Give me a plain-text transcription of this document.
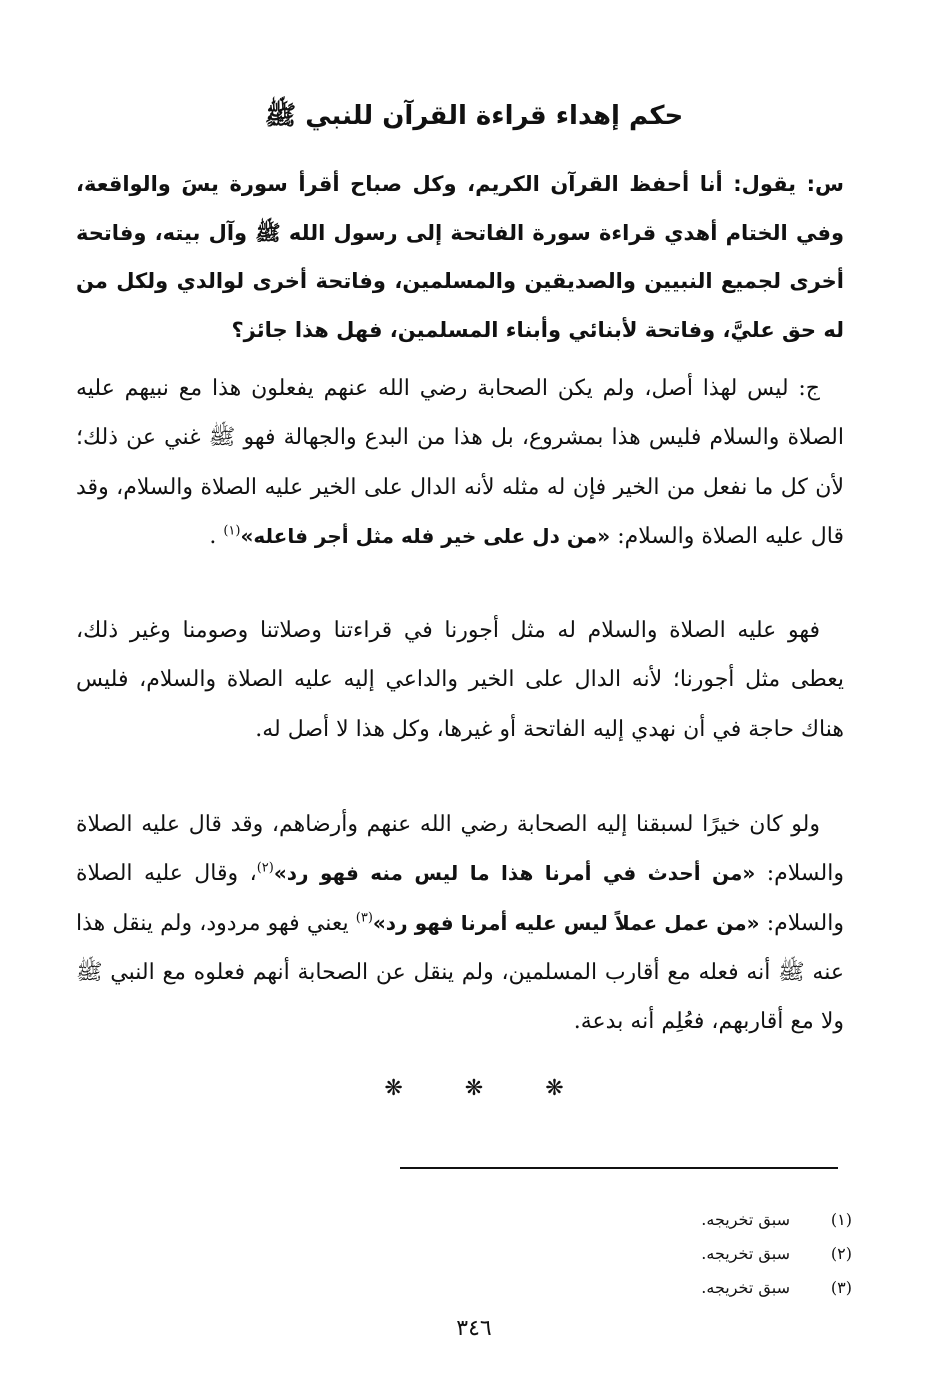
حكم إهداء قراءة القرآن للنبي ﷺ
س: يقول: أنا أحفظ القرآن الكريم، وكل صباح أقرأ سورة يسَ والواقعة، وفي الختام أهدي قراءة سورة الفاتحة إلى رسول الله ﷺ وآل بيته، وفاتحة أخرى لجميع النبيين والصديقين والمسلمين، وفاتحة أخرى لوالدي ولكل من له حق عليَّ، وفاتحة لأبنائي وأبناء المسلمين، فهل هذا جائز؟

ج: ليس لهذا أصل، ولم يكن الصحابة رضي الله عنهم يفعلون هذا مع نبيهم عليه الصلاة والسلام فليس هذا بمشروع، بل هذا من البدع والجهالة فهو ﷺ غني عن ذلك؛ لأن كل ما نفعل من الخير فإن له مثله لأنه الدال على الخير عليه الصلاة والسلام، وقد قال عليه الصلاة والسلام: «من دل على خير فله مثل أجر فاعله»$^{(١)}$ .

فهو عليه الصلاة والسلام له مثل أجورنا في قراءتنا وصلاتنا وصومنا وغير ذلك، يعطى مثل أجورنا؛ لأنه الدال على الخير والداعي إليه عليه الصلاة والسلام، فليس هناك حاجة في أن نهدي إليه الفاتحة أو غيرها، وكل هذا لا أصل له.

ولو كان خيرًا لسبقنا إليه الصحابة رضي الله عنهم وأرضاهم، وقد قال عليه الصلاة والسلام: «من أحدث في أمرنا هذا ما ليس منه فهو رد»$^{(٢)}$، وقال عليه الصلاة والسلام: «من عمل عملاً ليس عليه أمرنا فهو رد»$^{(٣)}$ يعني فهو مردود، ولم ينقل هذا عنه ﷺ أنه فعله مع أقارب المسلمين، ولم ينقل عن الصحابة أنهم فعلوه مع النبي ﷺ ولا مع أقاربهم، فعُلِم أنه بدعة.

❋❋❋
(١)
سبق تخريجه.
(٢)
سبق تخريجه.
(٣)
سبق تخريجه.
٣٤٦
